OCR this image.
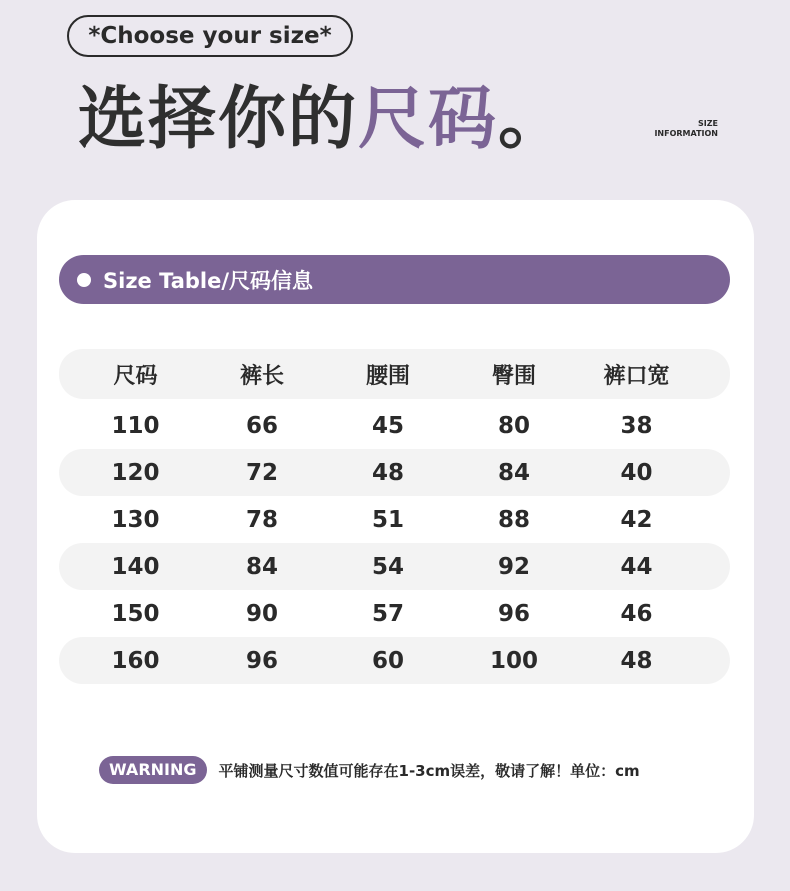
*Choose your size*
选择你的尺码。	SIZE
INFORMATION
Size Table/尺码信息
尺码	裤长	腰围	臀围	裤口宽
110	66	45	80	38
120	72	48	84	40
130	78	51	88	42
140	84	54	92	44
150	90	57	96	46
160	96	60	100	48
WARNING	平铺测量尺寸数值可能存在1-3cm误差，敬请了解！单位：cm
